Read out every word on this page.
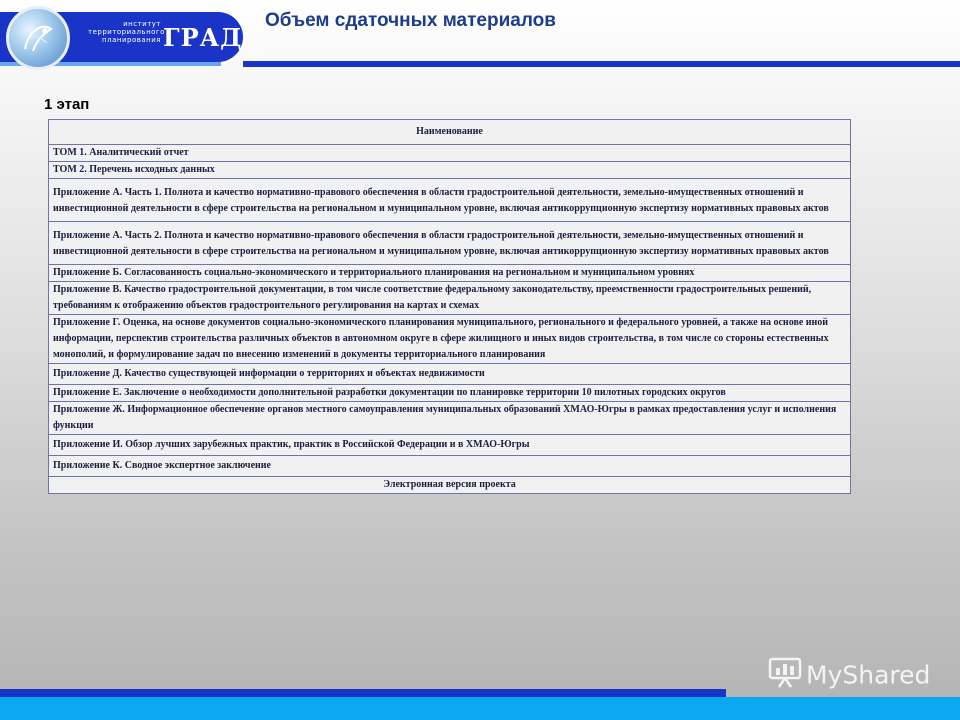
институт
территориального
планирования ГРАД
Объем сдаточных материалов
1 этап
Наименование
ТОМ 1. Аналитический отчет
ТОМ 2. Перечень исходных данных
Приложение А. Часть 1. Полнота и качество нормативно-правового обеспечения в области градостроительной деятельности, земельно-имущественных отношений и инвестиционной деятельности в сфере строительства на региональном и муниципальном уровне, включая антикоррупционную экспертизу нормативных правовых актов
Приложение А. Часть 2. Полнота и качество нормативно-правового обеспечения в области градостроительной деятельности, земельно-имущественных отношений и инвестиционной деятельности в сфере строительства на региональном и муниципальном уровне, включая антикоррупционную экспертизу нормативных правовых актов
Приложение Б. Согласованность социально-экономического и территориального планирования на региональном и муниципальном уровнях
Приложение В. Качество градостроительной документации, в том числе соответствие федеральному законодательству, преемственности градостроительных решений, требованиям к отображению объектов градостроительного регулирования на картах и схемах
Приложение Г. Оценка, на основе документов социально-экономического планирования муниципального, регионального и федерального уровней, а также на основе иной информации, перспектив строительства различных объектов в автономном округе в сфере жилищного и иных видов строительства, в том числе со стороны естественных монополий, и формулирование задач по внесению изменений в документы территориального планирования
Приложение Д. Качество существующей информации о территориях и объектах недвижимости
Приложение Е. Заключение о необходимости дополнительной разработки документации по планировке территории 10 пилотных городских округов
Приложение Ж. Информационное обеспечение органов местного самоуправления муниципальных образований ХМАО-Югры в рамках предоставления услуг и исполнения функции
Приложение И. Обзор лучших зарубежных практик, практик в Российской Федерации и в ХМАО-Югры
Приложение К. Сводное экспертное заключение
Электронная версия проекта
MyShared
